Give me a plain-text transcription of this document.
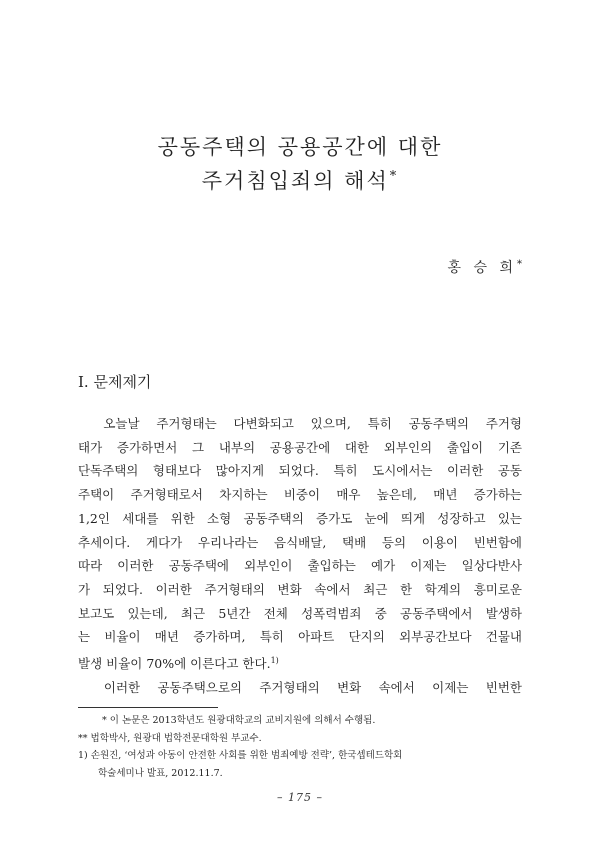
공동주택의 공용공간에 대한
주거침입죄의 해석*
홍 승 희*
I. 문제제기
　오늘날 주거형태는 다변화되고 있으며, 특히 공동주택의 주거형
태가 증가하면서 그 내부의 공용공간에 대한 외부인의 출입이 기존
단독주택의 형태보다 많아지게 되었다. 특히 도시에서는 이러한 공동
주택이 주거형태로서 차지하는 비중이 매우 높은데, 매년 증가하는
1,2인 세대를 위한 소형 공동주택의 증가도 눈에 띄게 성장하고 있는
추세이다. 게다가 우리나라는 음식배달, 택배 등의 이용이 빈번함에
따라 이러한 공동주택에 외부인이 출입하는 예가 이제는 일상다반사
가 되었다. 이러한 주거형태의 변화 속에서 최근 한 학계의 흥미로운
보고도 있는데, 최근 5년간 전체 성폭력범죄 중 공동주택에서 발생하
는 비율이 매년 증가하며, 특히 아파트 단지의 외부공간보다 건물내
발생 비율이 70%에 이른다고 한다.$^{1)}$
　이러한 공동주택으로의 주거형태의 변화 속에서 이제는 빈번한
* 이 논문은 2013학년도 원광대학교의 교비지원에 의해서 수행됨.
** 법학박사, 원광대 법학전문대학원 부교수.
1) 손원진, ‘여성과 아동이 안전한 사회를 위한 범죄예방 전략’, 한국셉테드학회
학술세미나 발표, 2012.11.7.
– 175 –
